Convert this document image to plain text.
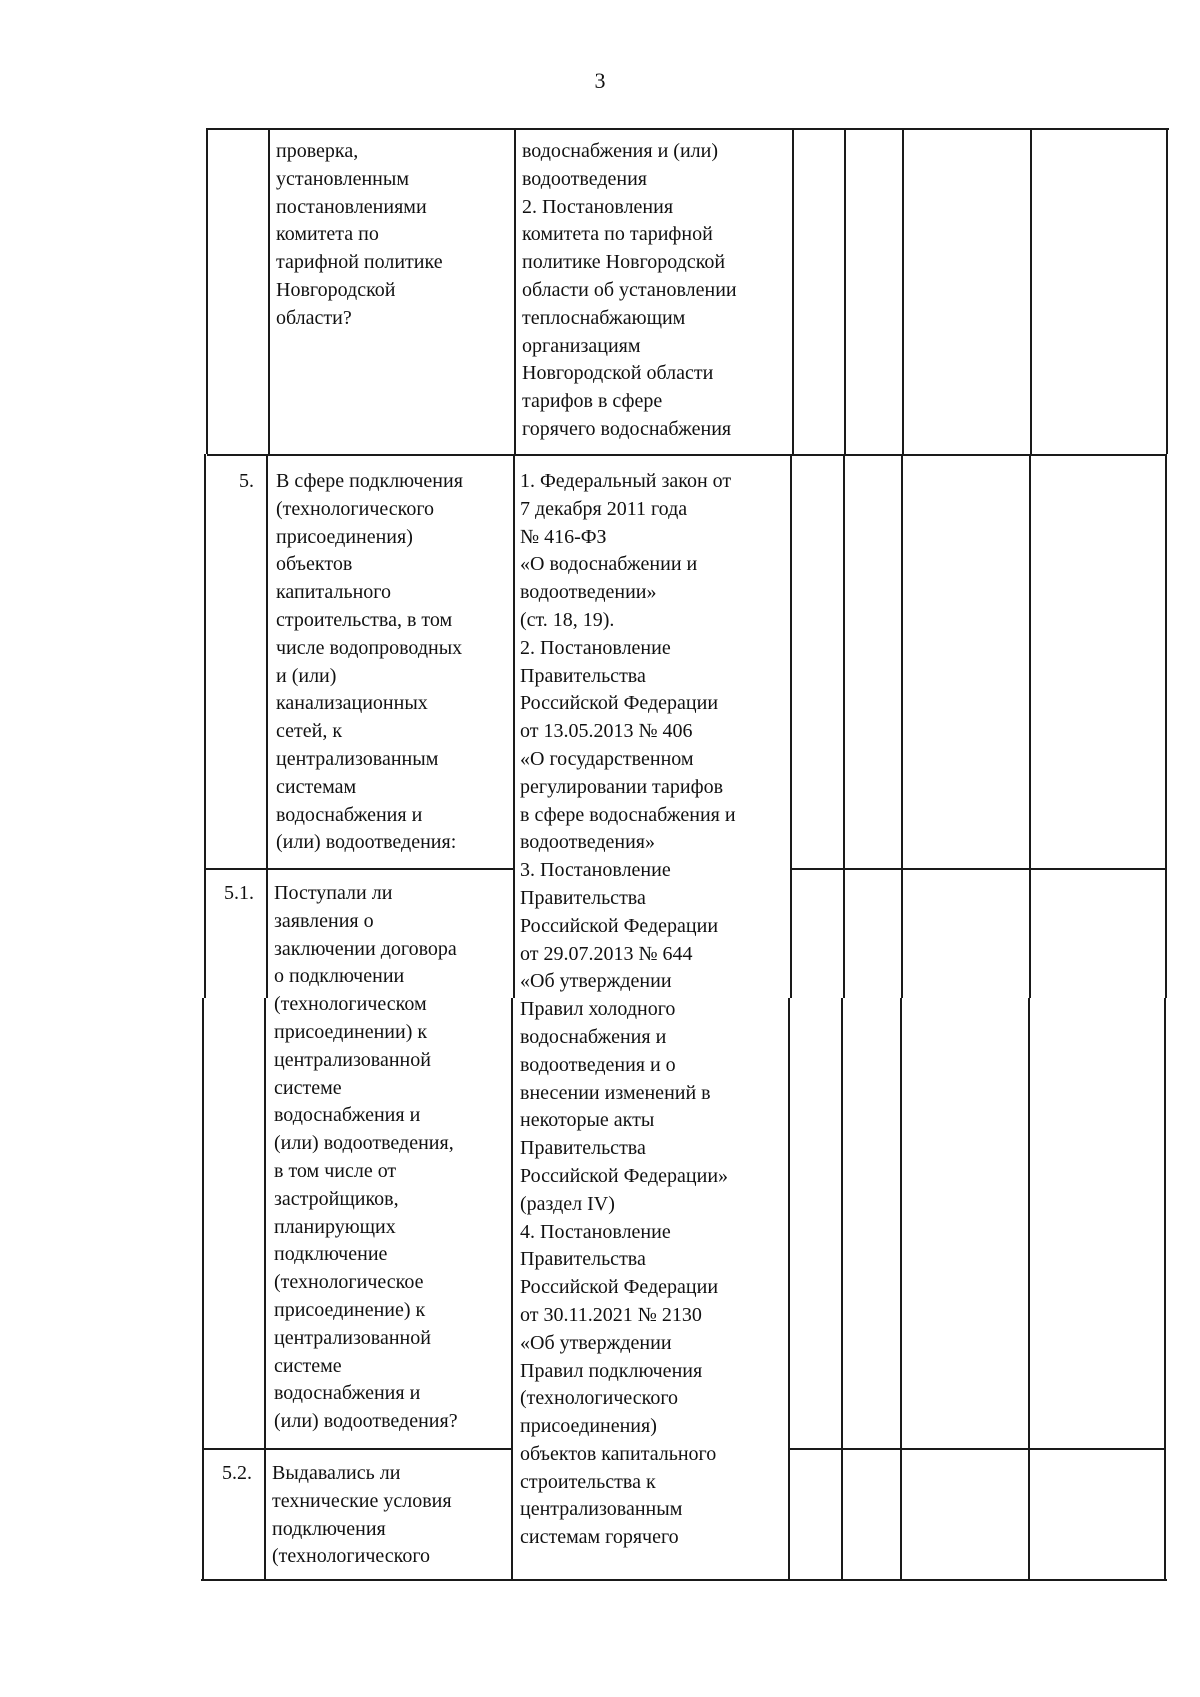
3

проверка,
установленным
постановлениями
комитета по
тарифной политике
Новгородской
области?

водоснабжения и (или)
водоотведения
2. Постановления
комитета по тарифной
политике Новгородской
области об установлении
теплоснабжающим
организациям
Новгородской области
тарифов в сфере
горячего водоснабжения

5. В сфере подключения
(технологического
присоединения)
объектов
капитального
строительства, в том
числе водопроводных
и (или)
канализационных
сетей, к
централизованным
системам
водоснабжения и
(или) водоотведения:

1. Федеральный закон от
7 декабря 2011 года
№ 416-ФЗ
«О водоснабжении и
водоотведении»
(ст. 18, 19).
2. Постановление
Правительства
Российской Федерации
от 13.05.2013 № 406
«О государственном
регулировании тарифов
в сфере водоснабжения и
водоотведения»
3. Постановление
Правительства
Российской Федерации
от 29.07.2013 № 644
«Об утверждении
Правил холодного
водоснабжения и
водоотведения и о
внесении изменений в
некоторые акты
Правительства
Российской Федерации»
(раздел IV)
4. Постановление
Правительства
Российской Федерации
от 30.11.2021 № 2130
«Об утверждении
Правил подключения
(технологического
присоединения)
объектов капитального
строительства к
централизованным
системам горячего

5.1. Поступали ли
заявления о
заключении договора
о подключении
(технологическом
присоединении) к
централизованной
системе
водоснабжения и
(или) водоотведения,
в том числе от
застройщиков,
планирующих
подключение
(технологическое
присоединение) к
централизованной
системе
водоснабжения и
(или) водоотведения?

5.2. Выдавались ли
технические условия
подключения
(технологического
